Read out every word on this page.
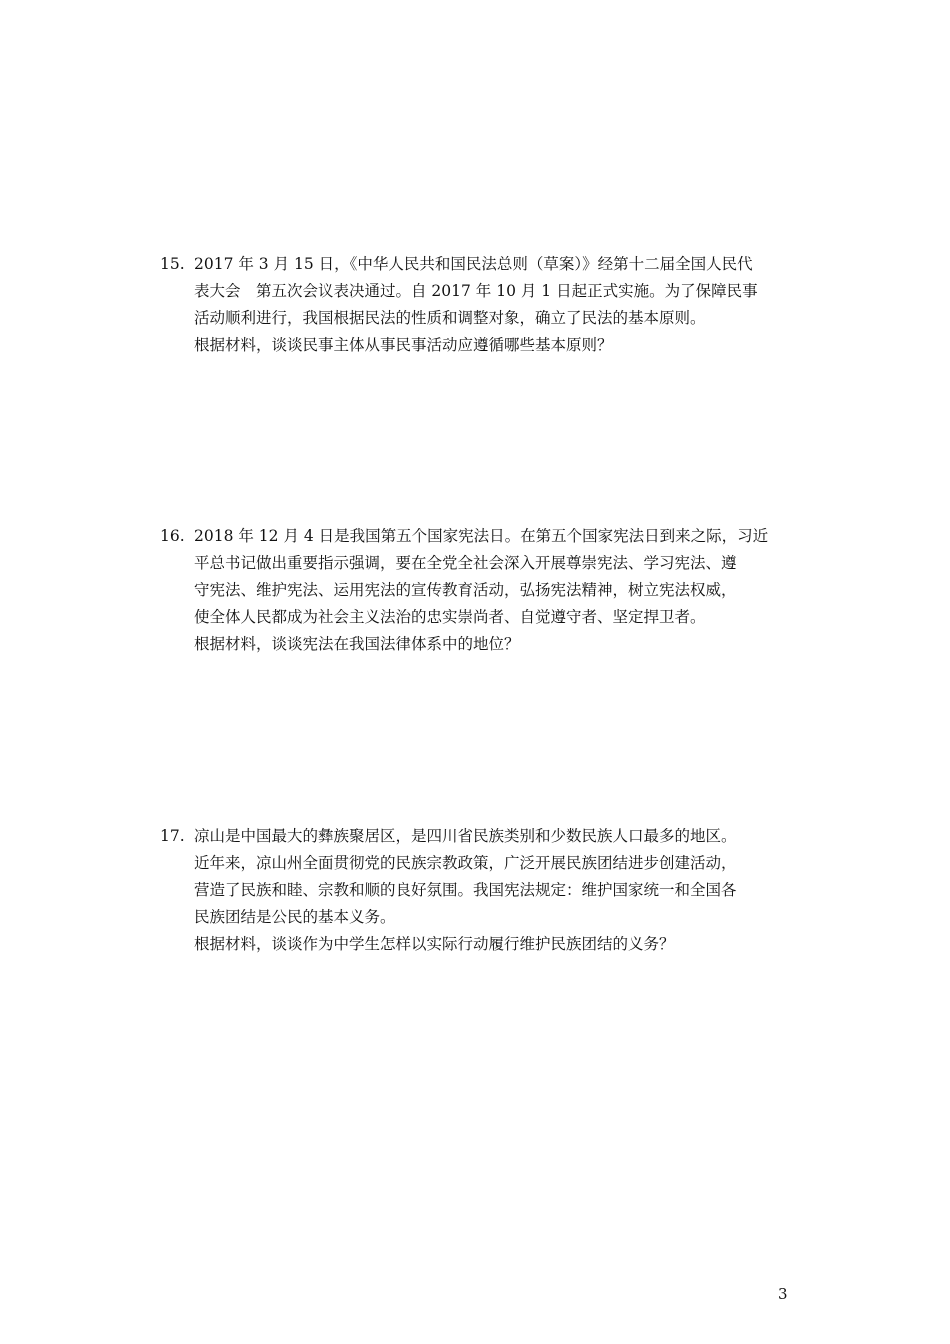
15. 2017 年 3 月 15 日，《中华人民共和国民法总则（草案）》经第十二届全国人民代
表大会　第五次会议表决通过。自 2017 年 10 月 1 日起正式实施。为了保障民事
活动顺利进行，我国根据民法的性质和调整对象，确立了民法的基本原则。
根据材料，谈谈民事主体从事民事活动应遵循哪些基本原则？
16. 2018 年 12 月 4 日是我国第五个国家宪法日。在第五个国家宪法日到来之际，习近
平总书记做出重要指示强调，要在全党全社会深入开展尊崇宪法、学习宪法、遵
守宪法、维护宪法、运用宪法的宣传教育活动，弘扬宪法精神，树立宪法权威，
使全体人民都成为社会主义法治的忠实崇尚者、自觉遵守者、坚定捍卫者。
根据材料，谈谈宪法在我国法律体系中的地位？
17. 凉山是中国最大的彝族聚居区，是四川省民族类别和少数民族人口最多的地区。
近年来，凉山州全面贯彻党的民族宗教政策，广泛开展民族团结进步创建活动，
营造了民族和睦、宗教和顺的良好氛围。我国宪法规定：维护国家统一和全国各
民族团结是公民的基本义务。
根据材料，谈谈作为中学生怎样以实际行动履行维护民族团结的义务？
3
